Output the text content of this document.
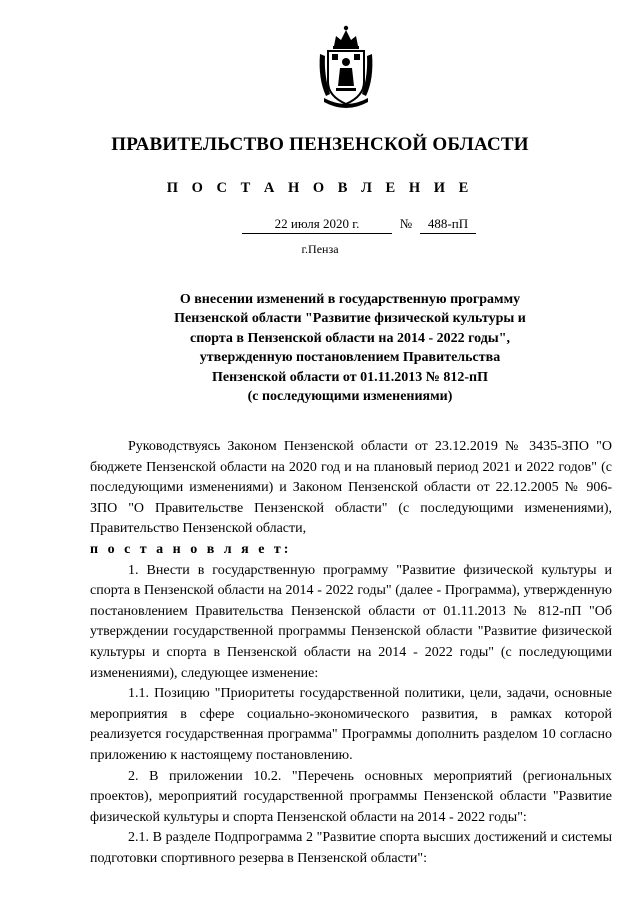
ПРАВИТЕЛЬСТВО ПЕНЗЕНСКОЙ ОБЛАСТИ
П О С Т А Н О В Л Е Н И Е
22 июля 2020 г.	№	488-пП
г.Пенза
О внесении изменений в государственную программу
Пензенской области "Развитие физической культуры и
спорта в Пензенской области на 2014 - 2022 годы",
утвержденную постановлением Правительства
Пензенской области от 01.11.2013 № 812-пП
(с последующими изменениями)

Руководствуясь Законом Пензенской области от 23.12.2019 № 3435-ЗПО "О бюджете Пензенской области на 2020 год и на плановый период 2021 и 2022 годов" (с последующими изменениями) и Законом Пензенской области от 22.12.2005 № 906-ЗПО "О Правительстве Пензенской области" (с последующими изменениями), Правительство Пензенской области,

п о с т а н о в л я е т:

1. Внести в государственную программу "Развитие физической культуры и спорта в Пензенской области на 2014 - 2022 годы" (далее - Программа), утвержденную постановлением Правительства Пензенской области от 01.11.2013 № 812-пП "Об утверждении государственной программы Пензенской области "Развитие физической культуры и спорта в Пензенской области на 2014 - 2022 годы" (с последующими изменениями), следующее изменение:

1.1. Позицию "Приоритеты государственной политики, цели, задачи, основные мероприятия в сфере социально-экономического развития, в рамках которой реализуется государственная программа" Программы дополнить разделом 10 согласно приложению к настоящему постановлению.

2. В приложении 10.2. "Перечень основных мероприятий (региональных проектов), мероприятий государственной программы Пензенской области "Развитие физической культуры и спорта Пензенской области на 2014 - 2022 годы":

2.1. В разделе Подпрограмма 2 "Развитие спорта высших достижений и системы подготовки спортивного резерва в Пензенской области":
